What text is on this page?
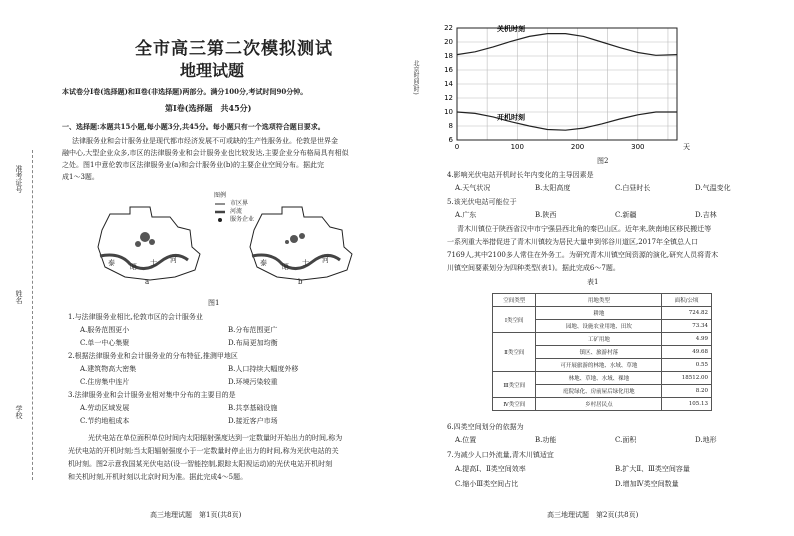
准考证号
姓名
学校
全市高三第二次模拟测试
地理试题
本试卷分Ⅰ卷(选择题)和Ⅱ卷(非选择题)两部分。满分100分,考试时间90分钟。
第Ⅰ卷(选择题　共45分)
一、选择题:本题共15小题,每小题3分,共45分。每小题只有一个选项符合题目要求。
法律服务业和会计服务业是现代都市经济发展不可或缺的生产性服务业。伦敦是世界金
融中心,大型企业众多,市区的法律服务业和会计服务业也比较发达,主要企业分布格局具有相似
之处。图1中意伦敦市区法律服务业(a)和会计服务业(b)的主要企业空间分布。据此完
成1～3题。
图例
市区界
河流
服务企业
a	b
泰 晤 士 河	泰 晤 士 河
图1
1.与法律服务业相比,伦敦市区的会计服务业
A.服务范围更小	B.分布范围更广
C.单一中心集聚	D.布局更加均衡
2.根据法律服务业和会计服务业的分布特征,推测甲地区
A.建筑物高大密集	B.人口持续大幅度外移
C.住房集中连片	D.环境污染较重
3.法律服务业和会计服务业相对集中分布的主要目的是
A.劳动区域发展	B.共享基础设施
C.节约地租成本	D.接近客户市场
光伏电站在单位面积单位时间内太阳辐射强度达到一定数量时开始出力的时间,称为
光伏电站的开机时刻;当太阳辐射强度小于一定数量时停止出力的时间,称为光伏电站的关
机时刻。图2示意我国某光伏电站(设一智能控制,跟踪太阳视运动)的光伏电站开机时刻
和关机时刻,开机时刻以北京时间为准。据此完成4～5题。
高三地理试题　第1页(共8页)
22
20
18
16
14
12
10
8
6
0	100	200	300	天
关机时刻
开机时刻
北京时间(时)
图2
4.影响光伏电站开机时长年内变化的主导因素是
A.天气状况	B.太阳高度	C.白昼时长	D.气温变化
5.该光伏电站可能位于
A.广东	B.陕西	C.新疆	D.吉林
青木川镇位于陕西省汉中市宁强县西北角的秦巴山区。近年来,陕南地区移民搬迁等
一系列重大举措促进了青木川镇较为居民大量申到邻谷川道区,2017年全镇总人口
7169人,其中2100多人常住在外务工。为研究青木川镇空间资源的演化,研究人员将青木
川镇空间要素划分为四种类型(表1)。据此完成6～7题。
表1
空间类型	用地类型	面积/公顷
Ⅰ类空间	耕地	724.82
	园地、设施农业用地、田坎	73.34
Ⅱ类空间	工矿用地	4.99
	镇区、旅游村落	49.68
	可开展旅游的林地、水域、草地	0.55
Ⅲ类空间	林地、草地、水域、裸地	18512.00
	庭院绿化、房前屋后绿化用地	8.20
Ⅳ类空间	乡村居民点	105.13
6.四类空间划分的依据为
A.位置	B.功能	C.面积	D.地形
7.为减少人口外流量,青木川镇适宜
A.提高Ⅰ、Ⅱ类空间效率	B.扩大Ⅱ、Ⅲ类空间容量
C.缩小Ⅲ类空间占比	D.增加Ⅳ类空间数量
高三地理试题　第2页(共8页)
